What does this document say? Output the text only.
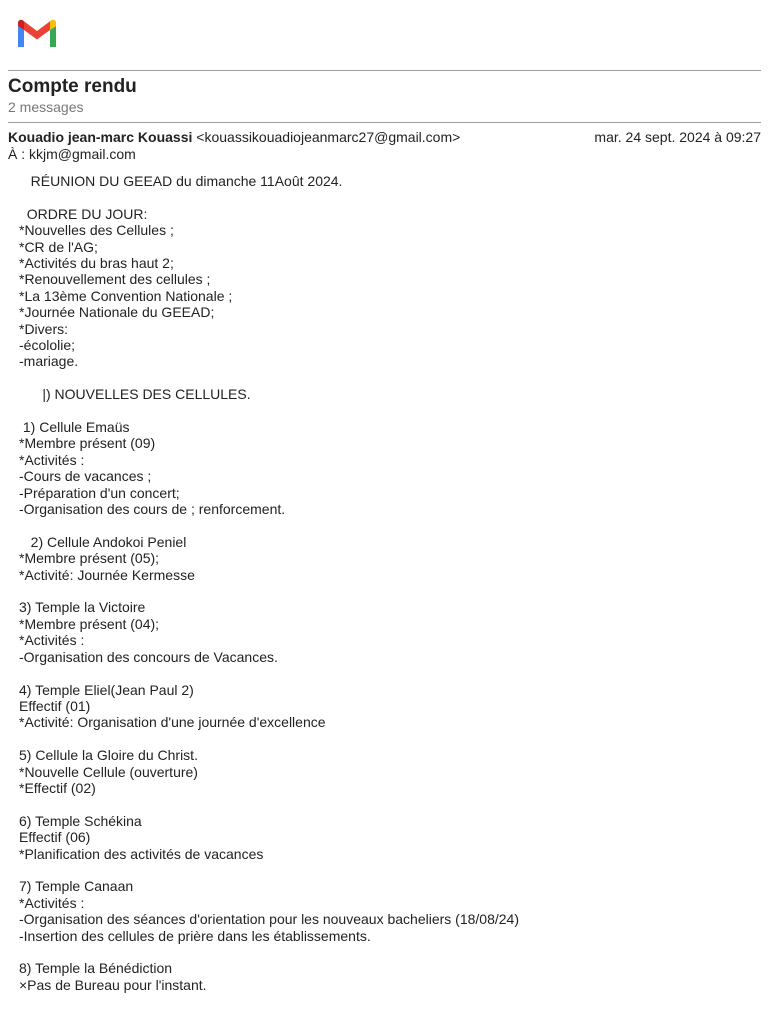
Compte rendu
2 messages
Kouadio jean-marc Kouassi <kouassikouadiojeanmarc27@gmail.com>	mar. 24 sept. 2024 à 09:27
À : kkjm@gmail.com
RÉUNION DU GEEAD du dimanche 11Août 2024.
ORDRE DU JOUR:
*Nouvelles des Cellules ;
*CR de l'AG;
*Activités du bras haut 2;
*Renouvellement des cellules ;
*La 13ème Convention Nationale ;
*Journée Nationale du GEEAD;
*Divers:
-écololie;
-mariage.
|) NOUVELLES DES CELLULES.
1) Cellule Emaüs
*Membre présent (09)
*Activités :
-Cours de vacances ;
-Préparation d'un concert;
-Organisation des cours de ; renforcement.
2) Cellule Andokoi Peniel
*Membre présent (05);
*Activité: Journée Kermesse
3) Temple la Victoire
*Membre présent (04);
*Activités :
-Organisation des concours de Vacances.
4) Temple Eliel(Jean Paul 2)
Effectif (01)
*Activité: Organisation d'une journée d'excellence
5) Cellule la Gloire du Christ.
*Nouvelle Cellule (ouverture)
*Effectif (02)
6) Temple Schékina
Effectif (06)
*Planification des activités de vacances
7) Temple Canaan
*Activités :
-Organisation des séances d'orientation pour les nouveaux bacheliers (18/08/24)
-Insertion des cellules de prière dans les établissements.
8) Temple la Bénédiction
×Pas de Bureau pour l'instant.
